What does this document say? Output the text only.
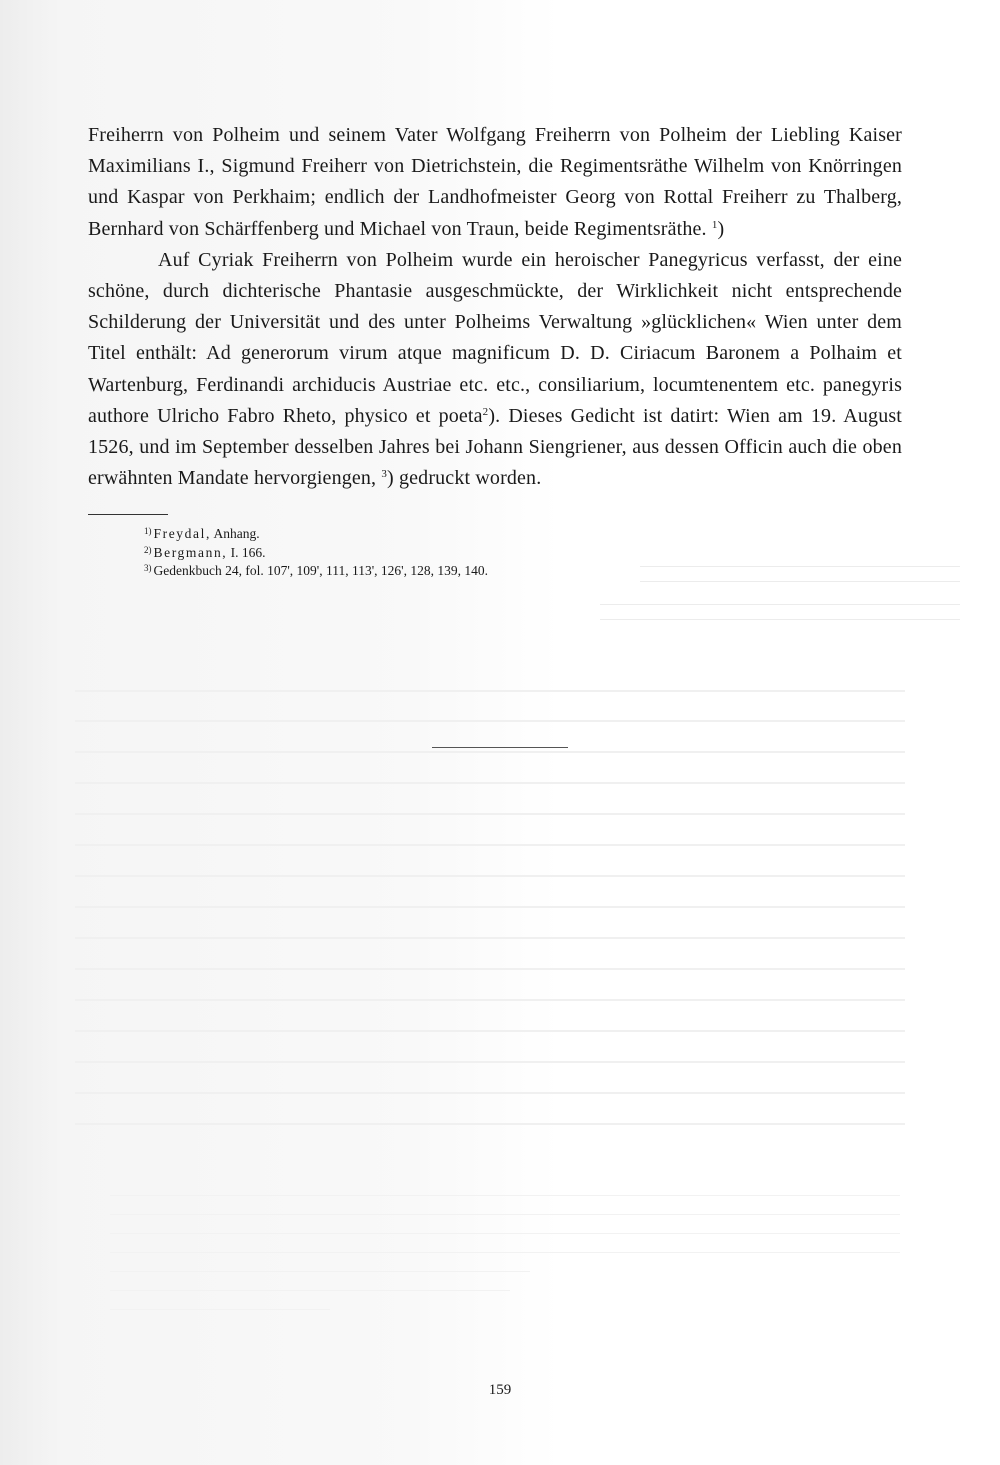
Freiherrn von Polheim und seinem Vater Wolfgang Freiherrn von Polheim der Liebling Kaiser Maximilians I., Sigmund Freiherr von Dietrichstein, die Regimentsräthe Wilhelm von Knörringen und Kaspar von Perkhaim; endlich der Landhofmeister Georg von Rottal Freiherr zu Thalberg, Bernhard von Schärffenberg und Michael von Traun, beide Regimentsräthe. $^1$)

Auf Cyriak Freiherrn von Polheim wurde ein heroischer Panegyricus verfasst, der eine schöne, durch dichterische Phantasie ausgeschmückte, der Wirklichkeit nicht entsprechende Schilderung der Universität und des unter Polheims Verwaltung »glücklichen« Wien unter dem Titel enthält: Ad generorum virum atque magnificum D. D. Ciriacum Baronem a Polhaim et Wartenburg, Ferdinandi archiducis Austriae etc. etc., consiliarium, locumtenentem etc. panegyris authore Ulricho Fabro Rheto, physico et poeta$^2$). Dieses Gedicht ist datirt: Wien am 19. August 1526, und im September desselben Jahres bei Johann Siengriener, aus dessen Officin auch die oben erwähnten Mandate hervorgiengen, $^3$) gedruckt worden.

$^{1)}$ Freydal, Anhang.

$^{2)}$ Bergmann, I. 166.

$^{3)}$ Gedenkbuch 24, fol. 107', 109', 111, 113', 126', 128, 139, 140.

159
